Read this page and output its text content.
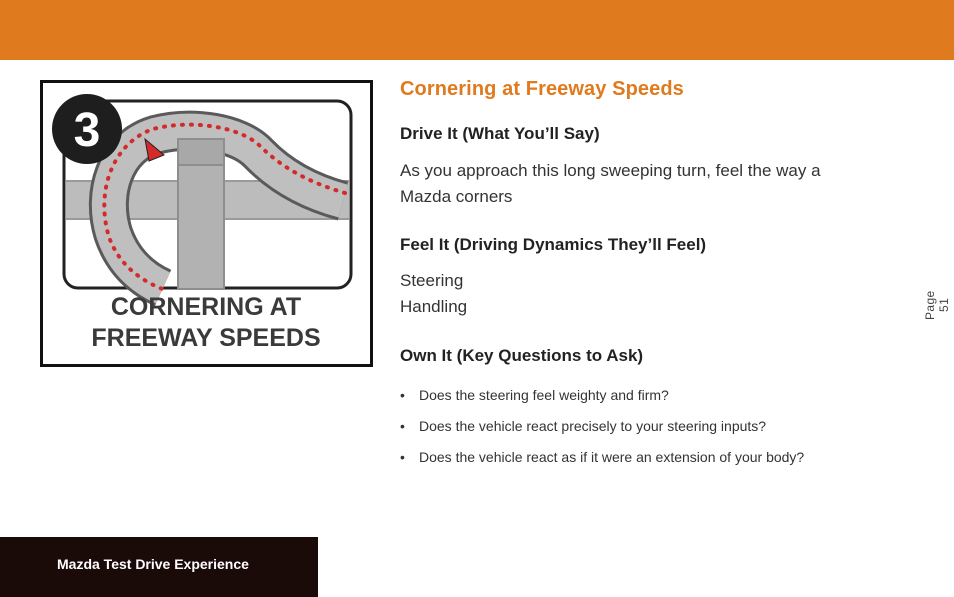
3
CORNERING AT
FREEWAY SPEEDS
Cornering at Freeway Speeds
Drive It (What You’ll Say)

As you approach this long sweeping turn, feel the way a
Mazda corners

Feel It (Driving Dynamics They’ll Feel)

Steering
Handling

Own It (Key Questions to Ask)
• Does the steering feel weighty and firm?
• Does the vehicle react precisely to your steering inputs?
• Does the vehicle react as if it were an extension of your body?
Page 51

Mazda Test Drive Experience
